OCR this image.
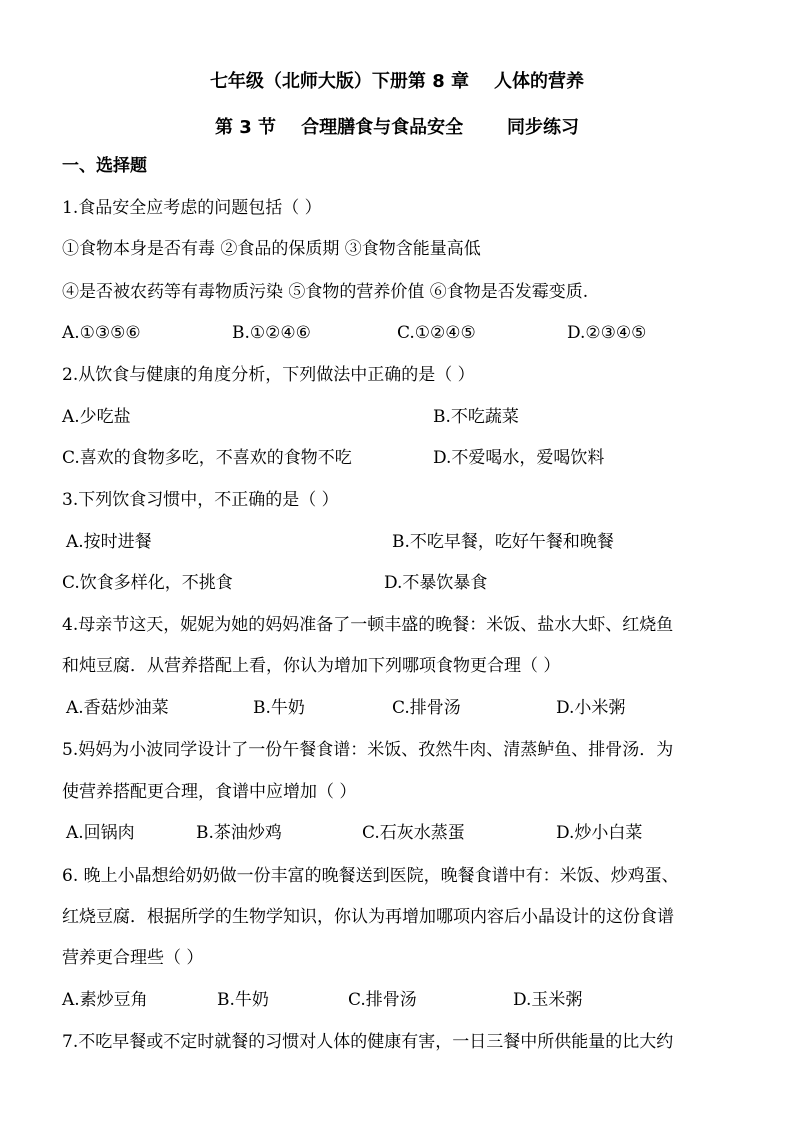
七年级（北师大版）下册第 8 章    人体的营养
第 3 节    合理膳食与食品安全       同步练习
一、选择题
1.食品安全应考虑的问题包括（ ）
①食物本身是否有毒 ②食品的保质期 ③食物含能量高低
④是否被农药等有毒物质污染 ⑤食物的营养价值 ⑥食物是否发霉变质.
A.①③⑤⑥	B.①②④⑥	C.①②④⑤	D.②③④⑤
2.从饮食与健康的角度分析，下列做法中正确的是（ ）
A.少吃盐	B.不吃蔬菜
C.喜欢的食物多吃，不喜欢的食物不吃	D.不爱喝水，爱喝饮料
3.下列饮食习惯中，不正确的是（ ）
A.按时进餐	B.不吃早餐，吃好午餐和晚餐
C.饮食多样化，不挑食	D.不暴饮暴食
4.母亲节这天，妮妮为她的妈妈准备了一顿丰盛的晚餐：米饭、盐水大虾、红烧鱼
和炖豆腐．从营养搭配上看，你认为增加下列哪项食物更合理（ ）
A.香菇炒油菜	B.牛奶	C.排骨汤	D.小米粥
5.妈妈为小波同学设计了一份午餐食谱：米饭、孜然牛肉、清蒸鲈鱼、排骨汤．为
使营养搭配更合理，食谱中应增加（ ）
A.回锅肉	B.茶油炒鸡	C.石灰水蒸蛋	D.炒小白菜
6. 晚上小晶想给奶奶做一份丰富的晚餐送到医院，晚餐食谱中有：米饭、炒鸡蛋、
红烧豆腐．根据所学的生物学知识，你认为再增加哪项内容后小晶设计的这份食谱
营养更合理些（ ）
A.素炒豆角	B.牛奶	C.排骨汤	D.玉米粥
7.不吃早餐或不定时就餐的习惯对人体的健康有害，一日三餐中所供能量的比大约
